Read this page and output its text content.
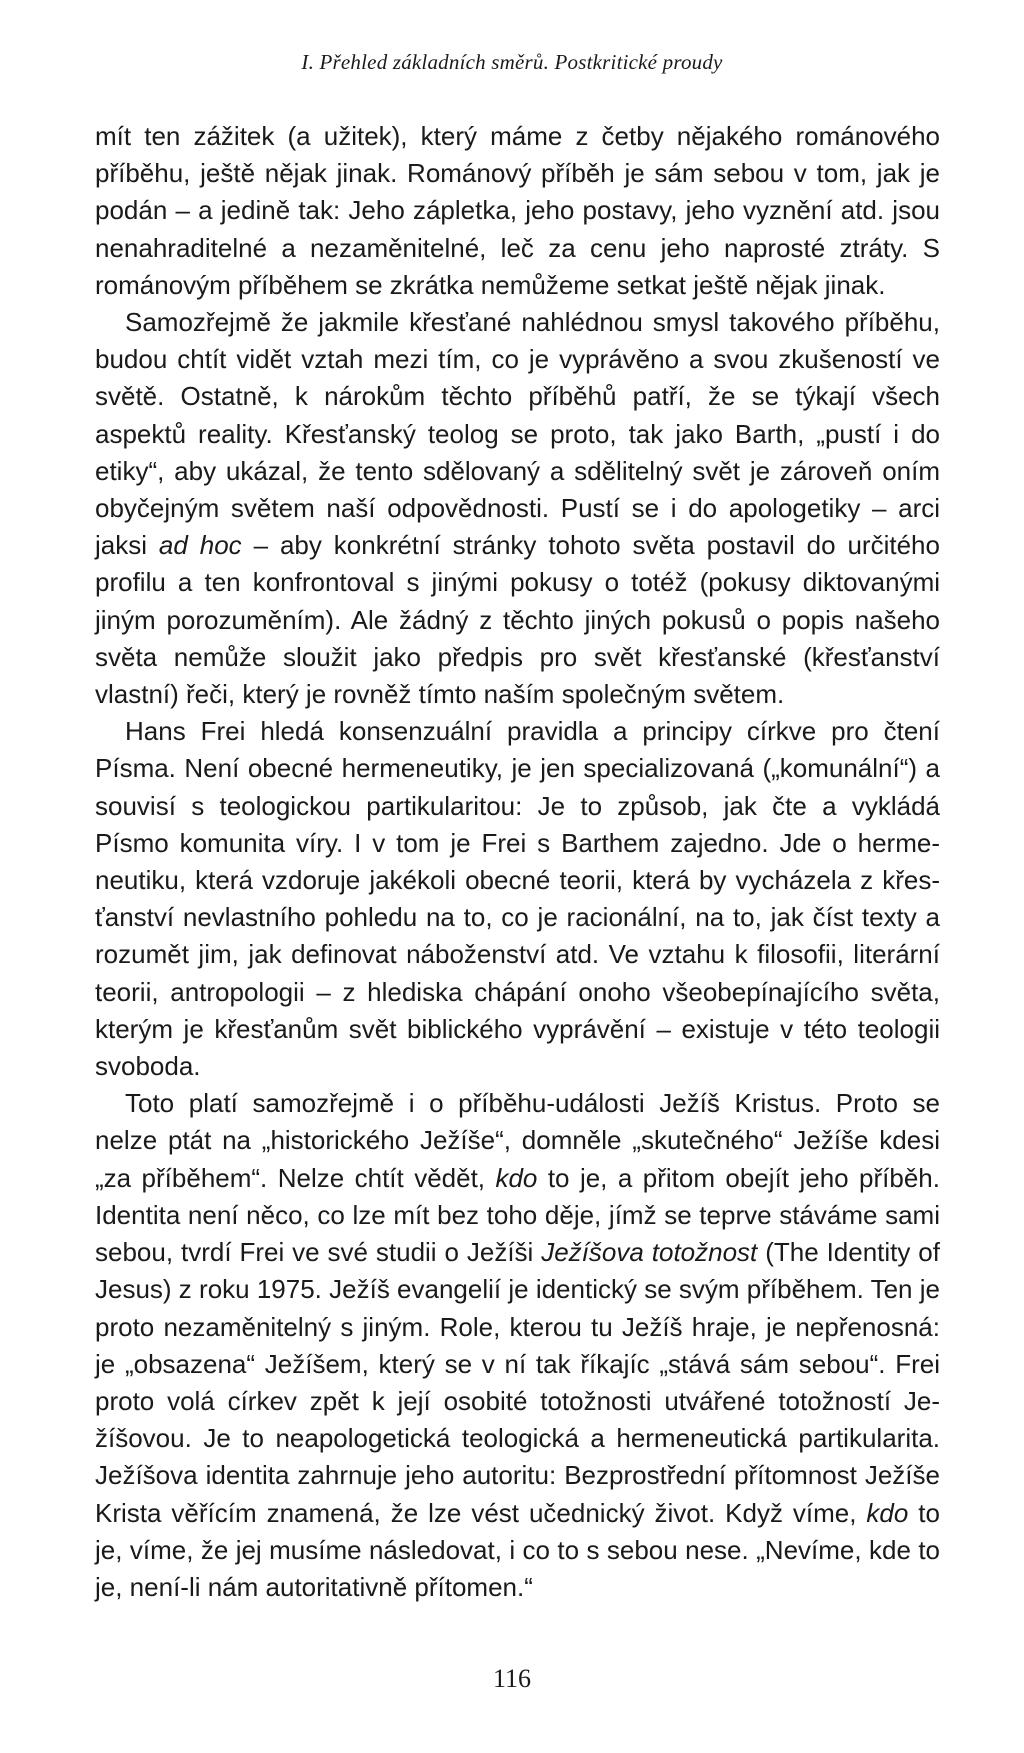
I. Přehled základních směrů. Postkritické proudy

mít ten zážitek (a užitek), který máme z četby nějakého románového příběhu, ještě nějak jinak. Románový příběh je sám sebou v tom, jak je podán – a jedině tak: Jeho zápletka, jeho postavy, jeho vyznění atd. jsou nenahraditelné a nezaměnitelné, leč za cenu jeho naprosté ztráty. S románovým příběhem se zkrátka nemůžeme setkat ještě nějak jinak.

Samozřejmě že jakmile křesťané nahlédnou smysl takového příběhu, budou chtít vidět vztah mezi tím, co je vyprávěno a svou zkušeností ve světě. Ostatně, k nárokům těchto příběhů patří, že se týkají všech aspektů reality. Křesťanský teolog se proto, tak jako Barth, „pustí i do etiky“, aby ukázal, že tento sdělovaný a sdělitelný svět je zároveň oním obyčejným světem naší odpovědnosti. Pustí se i do apologetiky – arci jaksi ad hoc – aby konkrétní stránky tohoto světa postavil do určitého profilu a ten konfrontoval s jinými pokusy o totéž (pokusy diktovanými jiným porozuměním). Ale žádný z těchto jiných pokusů o popis našeho světa nemůže sloužit jako předpis pro svět křesťanské (křesťanství vlastní) řeči, který je rovněž tímto naším společným světem.

Hans Frei hledá konsenzuální pravidla a principy církve pro čtení Písma. Není obecné hermeneutiky, je jen specializovaná („komunální“) a souvisí s teologickou partikularitou: Je to způsob, jak čte a vykládá Písmo komunita víry. I v tom je Frei s Barthem zajedno. Jde o hermeneutiku, která vzdoruje jakékoli obecné teorii, která by vycházela z křesťanství nevlastního pohledu na to, co je racionální, na to, jak číst texty a rozumět jim, jak definovat náboženství atd. Ve vztahu k filosofii, literární teorii, antropologii – z hlediska chápání onoho všeobepínajícího světa, kterým je křesťanům svět biblického vyprávění – existuje v této teologii svoboda.

Toto platí samozřejmě i o příběhu-události Ježíš Kristus. Proto se nelze ptát na „historického Ježíše“, domněle „skutečného“ Ježíše kdesi „za příběhem“. Nelze chtít vědět, kdo to je, a přitom obejít jeho příběh. Identita není něco, co lze mít bez toho děje, jímž se teprve stáváme sami sebou, tvrdí Frei ve své studii o Ježíši Ježíšova totožnost (The Identity of Jesus) z roku 1975. Ježíš evangelií je identický se svým příběhem. Ten je proto nezaměnitelný s jiným. Role, kterou tu Ježíš hraje, je nepřenosná: je „obsazena“ Ježíšem, který se v ní tak říkajíc „stává sám sebou“. Frei proto volá církev zpět k její osobité totožnosti utvářené totožností Ježíšovou. Je to neapologetická teologická a hermeneutická partikularita. Ježíšova identita zahrnuje jeho autoritu: Bezprostřední přítomnost Ježíše Krista věřícím znamená, že lze vést učednický život. Když víme, kdo to je, víme, že jej musíme následovat, i co to s sebou nese. „Nevíme, kde to je, není-li nám autoritativně přítomen.“

116
